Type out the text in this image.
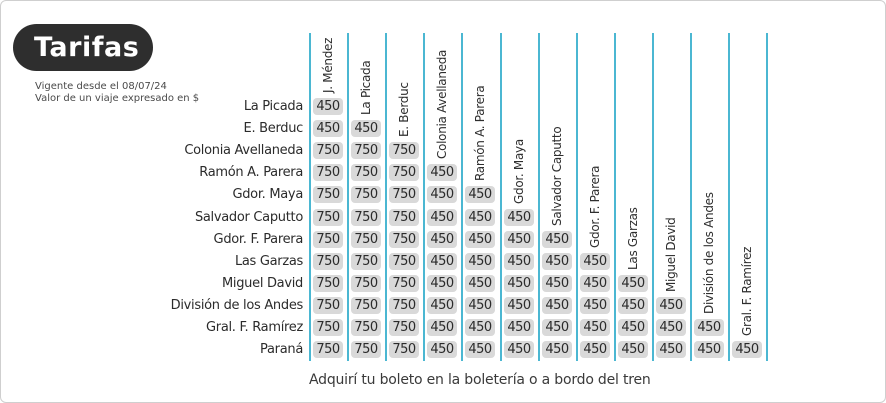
Tarifas
Vigente desde el 08/07/24
Valor de un viaje expresado en $
J. Méndez La Picada E. Berduc Colonia Avellaneda Ramón A. Parera Gdor. Maya Salvador Caputto Gdor. F. Parera Las Garzas Miguel David División de los Andes Gral. F. Ramírez
La Picada 450
E. Berduc 450 450
Colonia Avellaneda 750 750 750
Ramón A. Parera 750 750 750 450
Gdor. Maya 750 750 750 450 450
Salvador Caputto 750 750 750 450 450 450
Gdor. F. Parera 750 750 750 450 450 450 450
Las Garzas 750 750 750 450 450 450 450 450
Miguel David 750 750 750 450 450 450 450 450 450
División de los Andes 750 750 750 450 450 450 450 450 450 450
Gral. F. Ramírez 750 750 750 450 450 450 450 450 450 450 450
Paraná 750 750 750 450 450 450 450 450 450 450 450 450
Adquirí tu boleto en la boletería o a bordo del tren
